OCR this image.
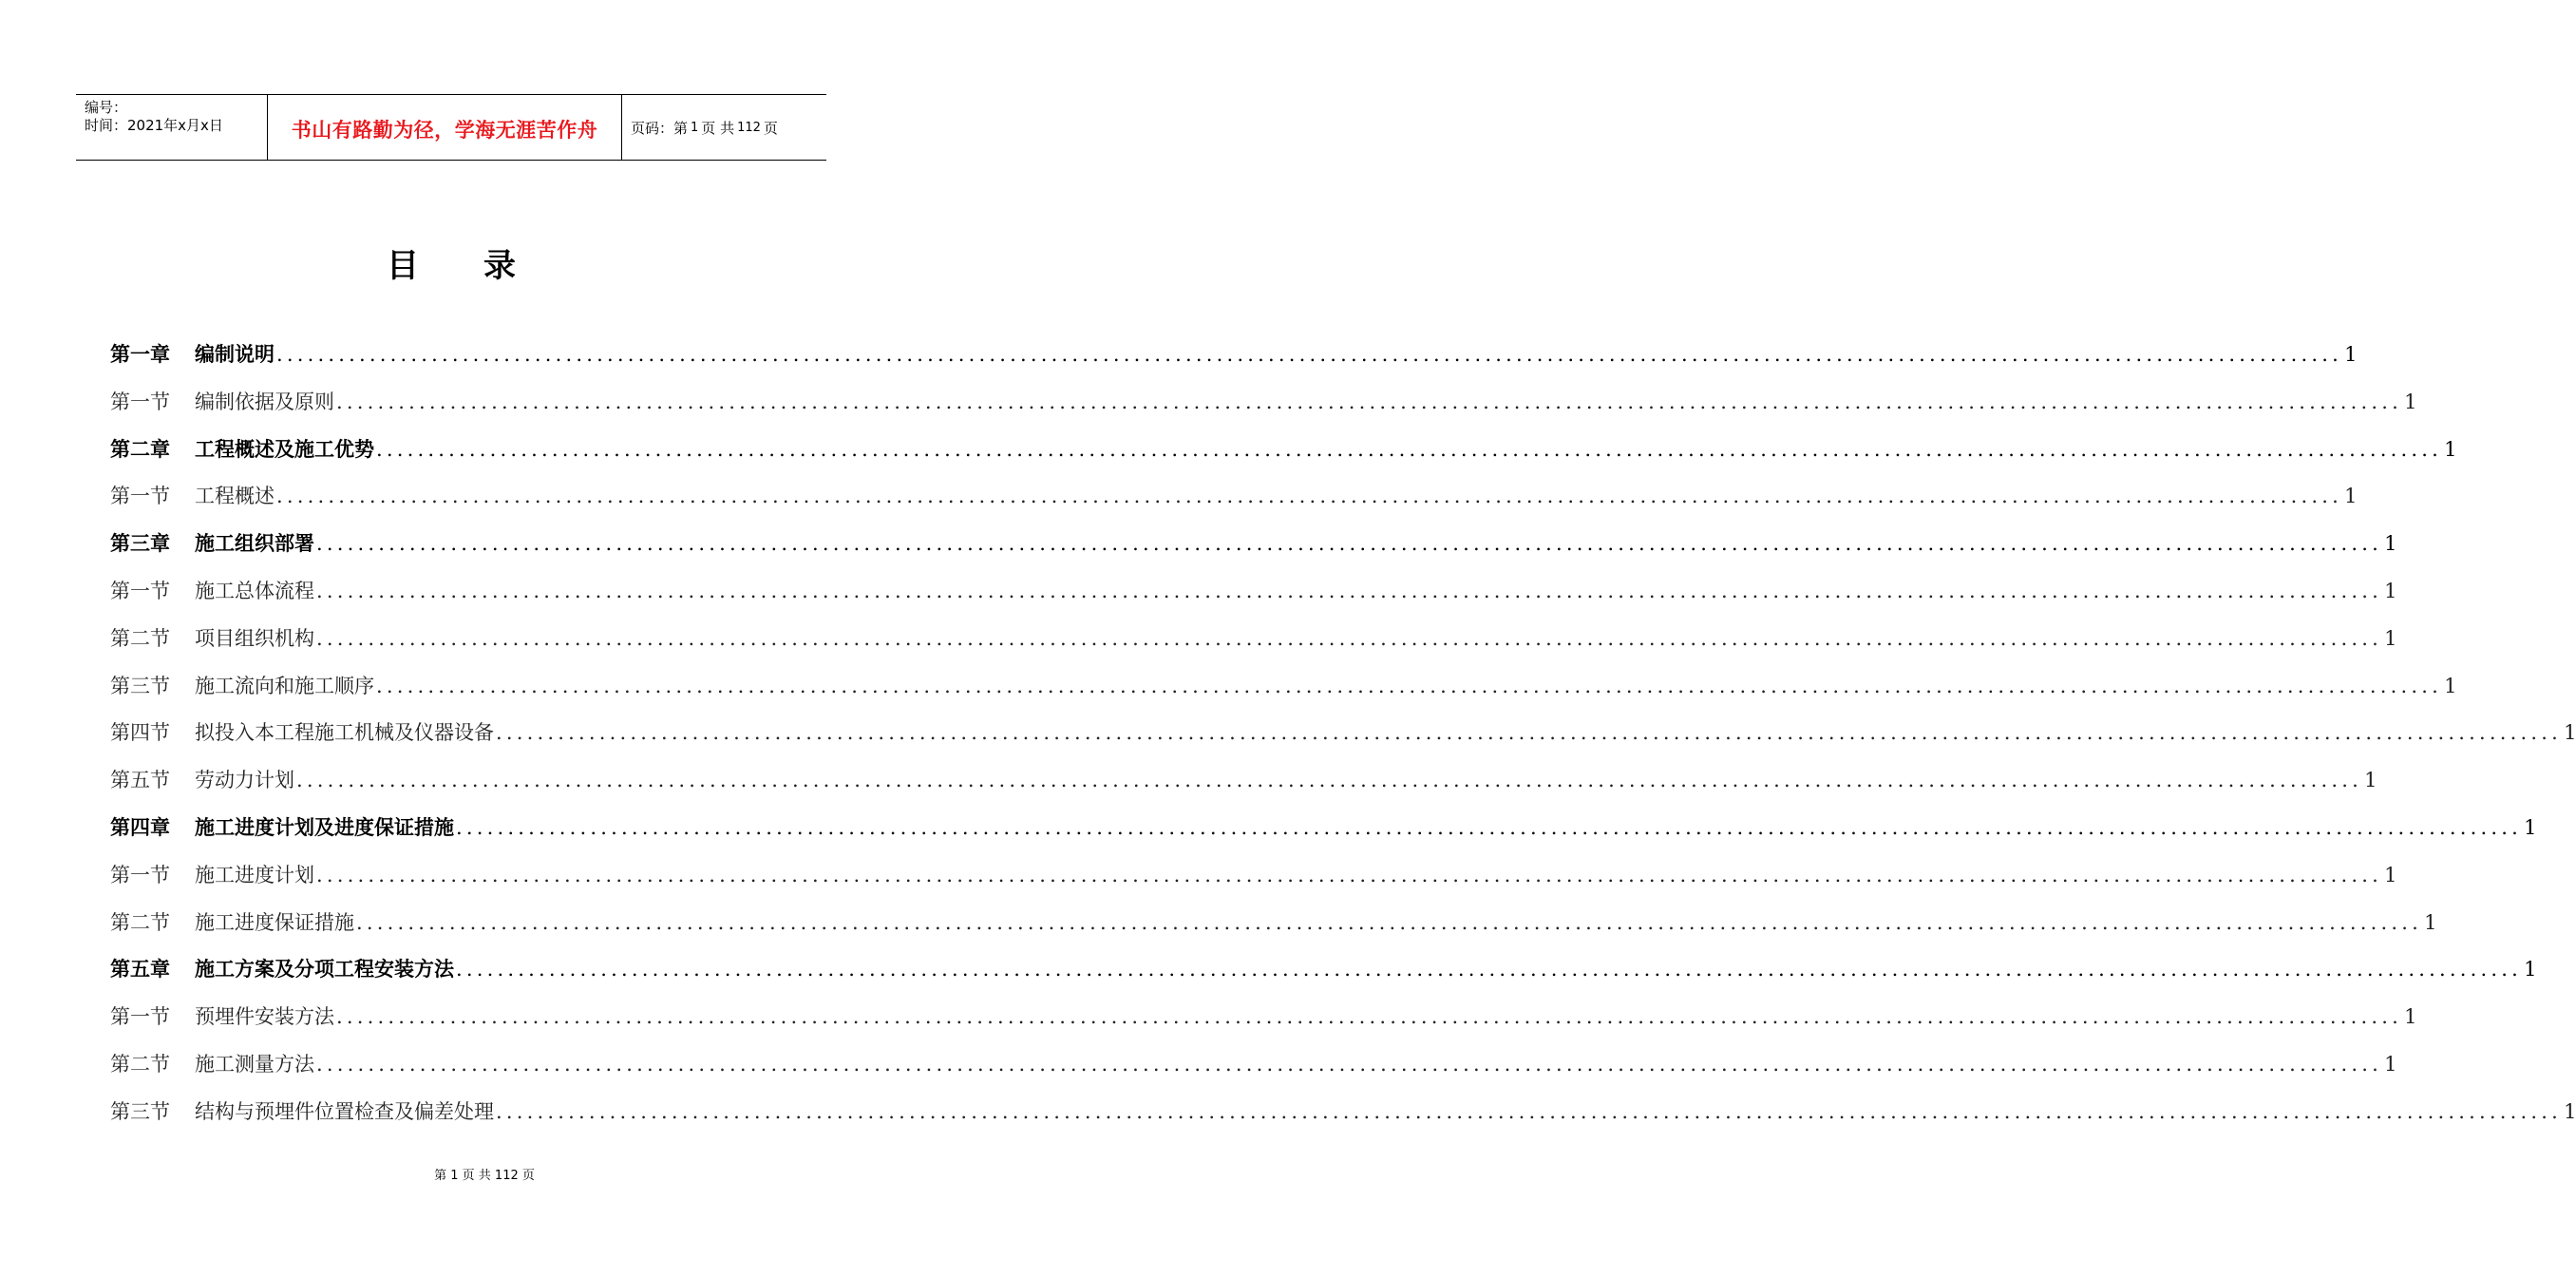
编号：
时间：2021年x月x日	书山有路勤为径，学海无涯苦作舟	页码：第 1 页 共 112 页
目 录
第一章	编制说明 ........................................................................................................................................................................................................ 1
第一节	编制依据及原则 ........................................................................................................................................................................................................ 1
第二章	工程概述及施工优势 ........................................................................................................................................................................................................ 1
第一节	工程概述 ........................................................................................................................................................................................................ 1
第三章	施工组织部署 ........................................................................................................................................................................................................ 1
第一节	施工总体流程 ........................................................................................................................................................................................................ 1
第二节	项目组织机构 ........................................................................................................................................................................................................ 1
第三节	施工流向和施工顺序 ........................................................................................................................................................................................................ 1
第四节	拟投入本工程施工机械及仪器设备 ........................................................................................................................................................................................................ 1
第五节	劳动力计划 ........................................................................................................................................................................................................ 1
第四章	施工进度计划及进度保证措施 ........................................................................................................................................................................................................ 1
第一节	施工进度计划 ........................................................................................................................................................................................................ 1
第二节	施工进度保证措施 ........................................................................................................................................................................................................ 1
第五章	施工方案及分项工程安装方法 ........................................................................................................................................................................................................ 1
第一节	预埋件安装方法 ........................................................................................................................................................................................................ 1
第二节	施工测量方法 ........................................................................................................................................................................................................ 1
第三节	结构与预埋件位置检查及偏差处理 ........................................................................................................................................................................................................ 1
第 1 页 共 112 页
